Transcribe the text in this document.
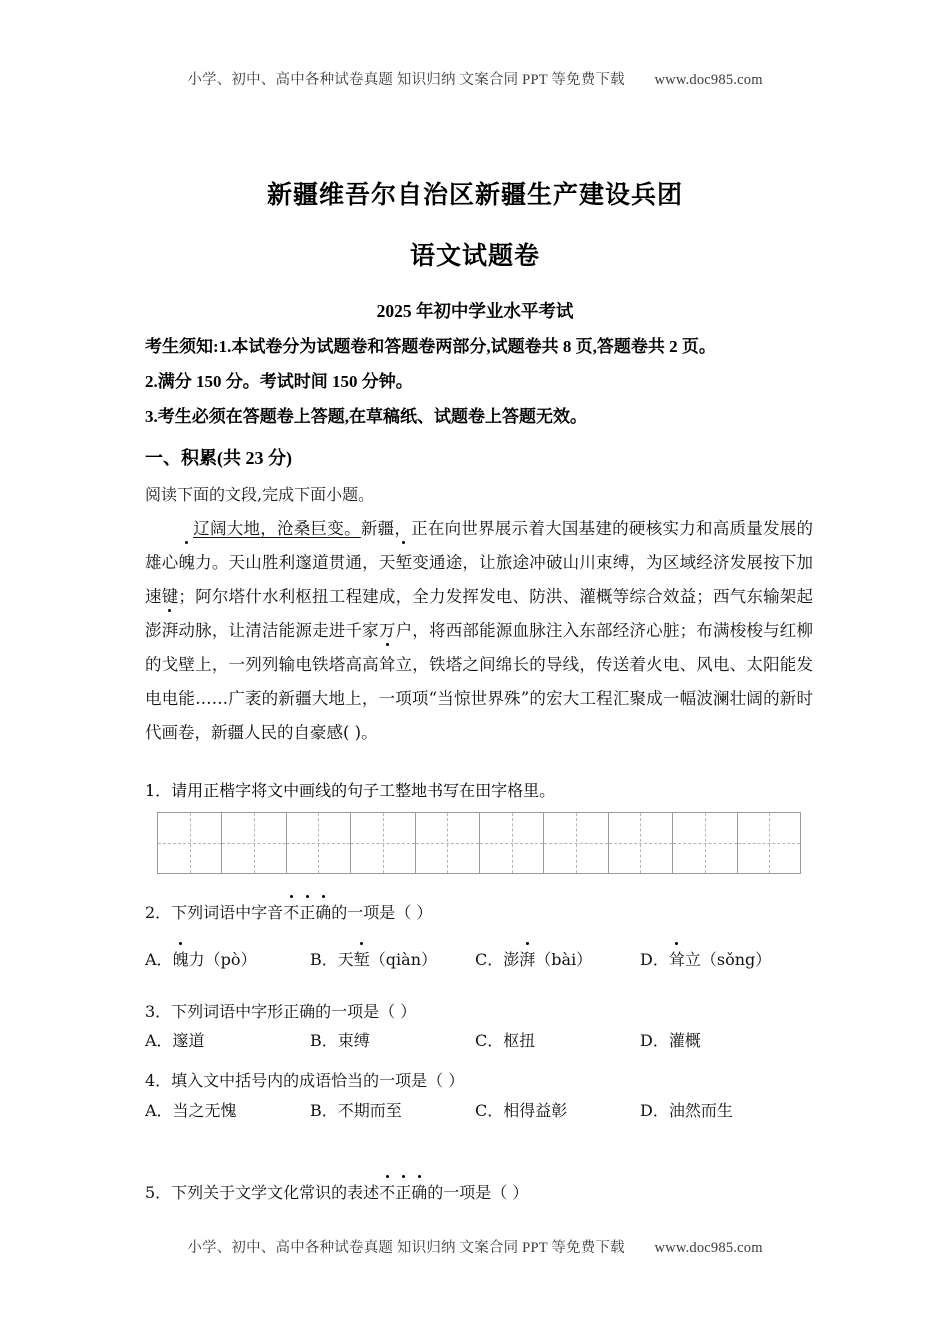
小学、初中、高中各种试卷真题 知识归纳 文案合同 PPT 等免费下载 www.doc985.com
新疆维吾尔自治区新疆生产建设兵团
语文试题卷
2025 年初中学业水平考试
考生须知:1.本试卷分为试题卷和答题卷两部分,试题卷共 8 页,答题卷共 2 页。
2.满分 150 分。考试时间 150 分钟。
3.考生必须在答题卷上答题,在草稿纸、试题卷上答题无效。
一、积累(共 23 分)
阅读下面的文段,完成下面小题。
辽阔大地，沧桑巨变。新疆，正在向世界展示着大国基建的硬核实力和高质量发展的雄心魄力。天山胜利邃道贯通，天堑变通途，让旅途冲破山川束缚，为区域经济发展按下加速键；阿尔塔什水利枢扭工程建成，全力发挥发电、防洪、灌概等综合效益；西气东输架起澎湃动脉，让清洁能源走进千家万户，将西部能源血脉注入东部经济心脏；布满梭梭与红柳的戈壁上，一列列输电铁塔高高耸立，铁塔之间绵长的导线，传送着火电、风电、太阳能发电电能……广袤的新疆大地上，一项项“当惊世界殊”的宏大工程汇聚成一幅波澜壮阔的新时代画卷，新疆人民的自豪感( )。
1．请用正楷字将文中画线的句子工整地书写在田字格里。
2．下列词语中字音不正确的一项是（ ）
A．魄力（pò）	B．天堑（qiàn） C．澎湃（bài）	D．耸立（sǒng）
3．下列词语中字形正确的一项是（ ）
A．邃道	B．束缚	C．枢扭	D．灌概
4．填入文中括号内的成语恰当的一项是（ ）
A．当之无愧	B．不期而至	C．相得益彰	D．油然而生
5．下列关于文学文化常识的表述不正确的一项是（ ）
小学、初中、高中各种试卷真题 知识归纳 文案合同 PPT 等免费下载 www.doc985.com
